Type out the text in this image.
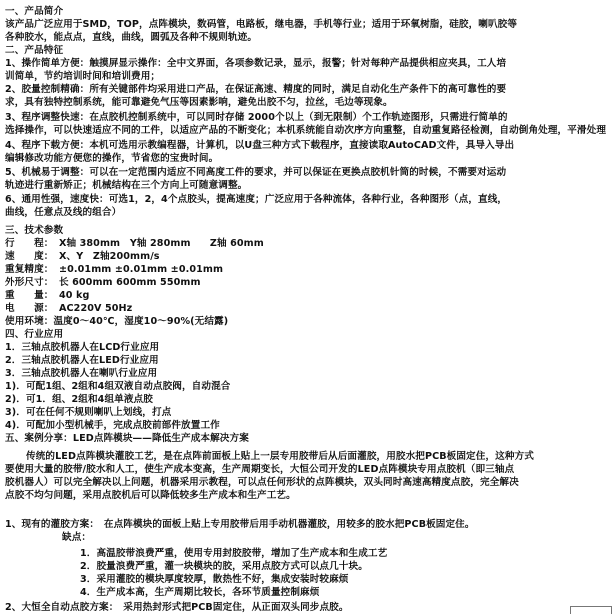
一、产品简介
该产品广泛应用于SMD，TOP，点阵模块，数码管，电路板，继电器，手机等行业；适用于环氧树脂，硅胶，喇叭胶等
各种胶水，能点点，直线，曲线，圆弧及各种不规则轨迹。
二、产品特征
1、操作简单方便：触摸屏显示操作：全中文界面，各项参数记录，显示，报警；针对每种产品提供相应夹具，工人培
训简单，节约培训时间和培训费用；
2、胶量控制精确：所有关键部件均采用进口产品，在保证高速、精度的同时，满足自动化生产条件下的高可靠性的要
求，具有独特控制系统，能可靠避免气压等因素影响，避免出胶不匀，拉丝，毛边等现象。
3、程序调整快速：在点胶机控制系统中，可以同时存储 2000个以上（到无限制）个工作轨迹图形，只需进行简单的
选择操作，可以快速适应不同的工件，以适应产品的不断变化；本机系统能自动次序方向重整，自动重复路径检测，自动倒角处理，平滑处理
4、程序下载方便：本机可选用示教编程器，计算机，以U盘三种方式下载程序，直接读取AutoCAD文件，具导入导出
编辑修改功能方便您的操作，节省您的宝贵时间。
5、机械易于调整：可以在一定范围内适应不同高度工件的要求，并可以保证在更换点胶机针筒的时候，不需要对运动
轨迹进行重新矫正；机械结构在三个方向上可随意调整。
6、通用性强，速度快：可选1，2，4个点胶头，提高速度；广泛应用于各种流体，各种行业，各种图形（点，直线，
曲线，任意点及线的组合）
三、技术参数
行　　程： X轴 380mm　Y轴 280mm　　Z轴 60mm
速　　度： X、Y　Z轴200mm/s
重复精度： ±0.01mm ±0.01mm ±0.01mm
外形尺寸： 长 600mm 600mm 550mm
重　　量： 40 kg
电　　源： AC220V 50Hz
使用环境：温度0～40℃，湿度10～90%(无结露)
四、行业应用
1．三轴点胶机器人在LCD行业应用
2．三轴点胶机器人在LED行业应用
3．三轴点胶机器人在喇叭行业应用
1)．可配1组、2组和4组双液自动点胶阀，自动混合
2)．可1．组、2组和4组单液点胶
3)．可在任何不规则喇叭上划线，打点
4)．可配加小型机械手，完成点胶前部件放置工作
五、案例分享：LED点阵模块——降低生产成本解决方案
传统的LED点阵模块灌胶工艺，是在点阵前面板上贴上一层专用胶带后从后面灌胶，用胶水把PCB板固定住，这种方式
要使用大量的胶带/胶水和人工，使生产成本变高，生产周期变长，大恒公司开发的LED点阵模块专用点胶机（即三轴点
胶机器人）可以完全解决以上问题，机器采用示教程，可以点任何形状的点阵模块，双头同时高速高精度点胶，完全解决
点胶不均匀问题，采用点胶机后可以降低较多生产成本和生产工艺。
1、现有的灌胶方案：　在点阵模块的面板上贴上专用胶带后用手动机器灌胶，用较多的胶水把PCB板固定住。
缺点：
1．高温胶带浪费严重，使用专用封胶胶带，增加了生产成本和生成工艺
2．胶量浪费严重，灌一块模块的胶，采用点胶方式可以点几十块。
3．采用灌胶的模块厚度较厚，散热性不好，集成安装时较麻烦
4．生产成本高，生产周期比较长，各环节质量控制麻烦
2、大恒全自动点胶方案：　采用热封形式把PCB固定住，从正面双头同步点胶。
